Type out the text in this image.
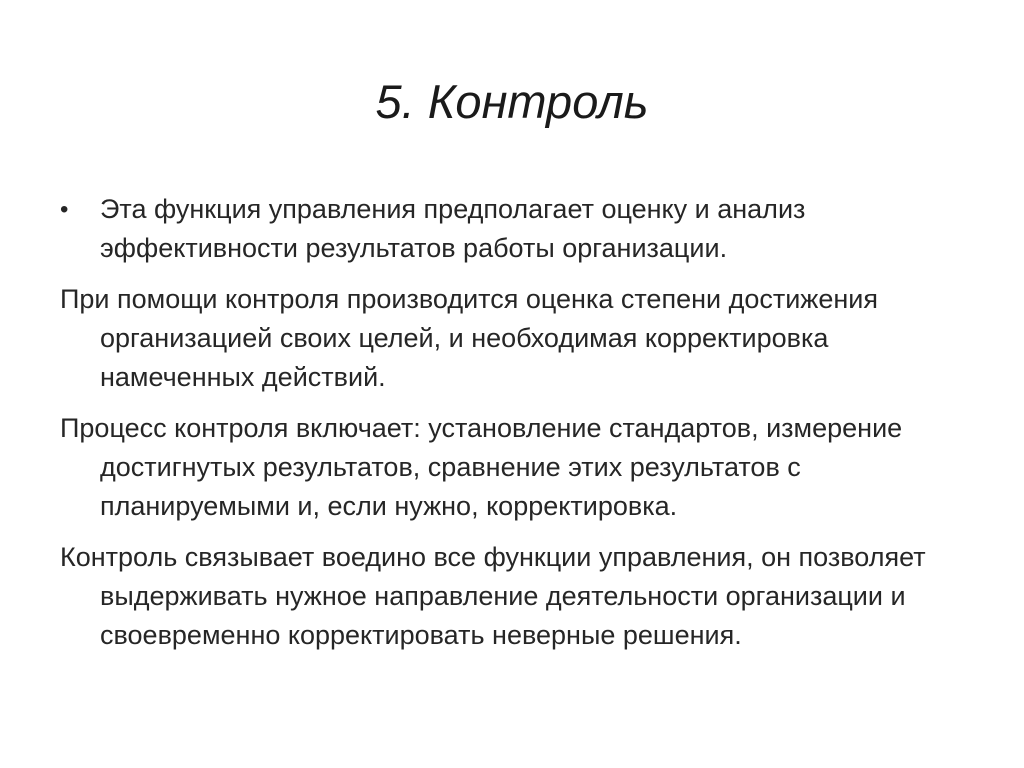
5. Контроль

•	Эта функция управления предполагает оценку и анализ эффективности результатов работы организации.

При помощи контроля производится оценка степени достижения организацией своих целей, и необходимая корректировка намеченных действий.

Процесс контроля включает: установление стандартов, измерение достигнутых результатов, сравнение этих результатов с планируемыми и, если нужно, корректировка.

Контроль связывает воедино все функции управления, он позволяет выдерживать нужное направление деятельности организации и своевременно корректировать неверные решения.
